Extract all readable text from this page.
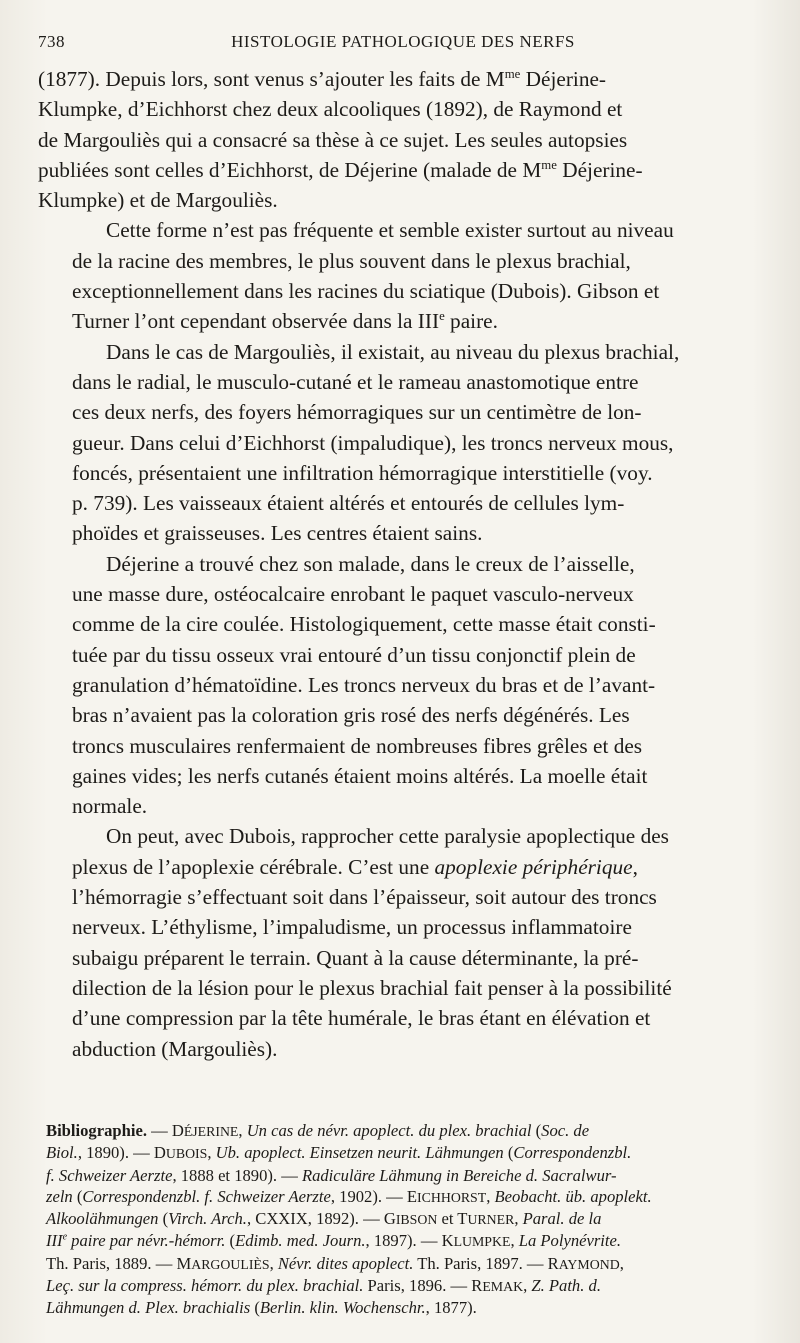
738	HISTOLOGIE PATHOLOGIQUE DES NERFS
(1877). Depuis lors, sont venus s’ajouter les faits de $M^{me}$ Déjerine-
Klumpke, d’Eichhorst chez deux alcooliques (1892), de Raymond et
de Margouliès qui a consacré sa thèse à ce sujet. Les seules autopsies
publiées sont celles d’Eichhorst, de Déjerine (malade de $M^{me}$ Déjerine-
Klumpke) et de Margouliès.
Cette forme n’est pas fréquente et semble exister surtout au niveau
de la racine des membres, le plus souvent dans le plexus brachial,
exceptionnellement dans les racines du sciatique (Dubois). Gibson et
Turner l’ont cependant observée dans la IIIe paire.
Dans le cas de Margouliès, il existait, au niveau du plexus brachial,
dans le radial, le musculo-cutané et le rameau anastomotique entre
ces deux nerfs, des foyers hémorragiques sur un centimètre de lon-
gueur. Dans celui d’Eichhorst (impaludique), les troncs nerveux mous,
foncés, présentaient une infiltration hémorragique interstitielle (voy.
p. 739). Les vaisseaux étaient altérés et entourés de cellules lym-
phoïdes et graisseuses. Les centres étaient sains.
Déjerine a trouvé chez son malade, dans le creux de l’aisselle,
une masse dure, ostéocalcaire enrobant le paquet vasculo-nerveux
comme de la cire coulée. Histologiquement, cette masse était consti-
tuée par du tissu osseux vrai entouré d’un tissu conjonctif plein de
granulation d’hématoïdine. Les troncs nerveux du bras et de l’avant-
bras n’avaient pas la coloration gris rosé des nerfs dégénérés. Les
troncs musculaires renfermaient de nombreuses fibres grêles et des
gaines vides; les nerfs cutanés étaient moins altérés. La moelle était
normale.
On peut, avec Dubois, rapprocher cette paralysie apoplectique des
plexus de l’apoplexie cérébrale. C’est une apoplexie périphérique,
l’hémorragie s’effectuant soit dans l’épaisseur, soit autour des troncs
nerveux. L’éthylisme, l’impaludisme, un processus inflammatoire
subaigu préparent le terrain. Quant à la cause déterminante, la pré-
dilection de la lésion pour le plexus brachial fait penser à la possibilité
d’une compression par la tête humérale, le bras étant en élévation et
abduction (Margouliès).
Bibliographie. — DÉJERINE, Un cas de névr. apoplect. du plex. brachial (Soc. de
Biol., 1890). — DUBOIS, Ub. apoplect. Einsetzen neurit. Lähmungen (Correspondenzbl.
f. Schweizer Aerzte, 1888 et 1890). — Radiculäre Lähmung in Bereiche d. Sacralwur-
zeln (Correspondenzbl. f. Schweizer Aerzte, 1902). — EICHHORST, Beobacht. üb. apoplekt.
Alkoolähmungen (Virch. Arch., CXXIX, 1892). — GIBSON et TURNER, Paral. de la
IIIe paire par névr.-hémorr. (Edimb. med. Journ., 1897). — KLUMPKE, La Polynévrite.
Th. Paris, 1889. — MARGOULIÈS, Névr. dites apoplect. Th. Paris, 1897. — RAYMOND,
Leç. sur la compress. hémorr. du plex. brachial. Paris, 1896. — REMAK, Z. Path. d.
Lähmungen d. Plex. brachialis (Berlin. klin. Wochenschr., 1877).
